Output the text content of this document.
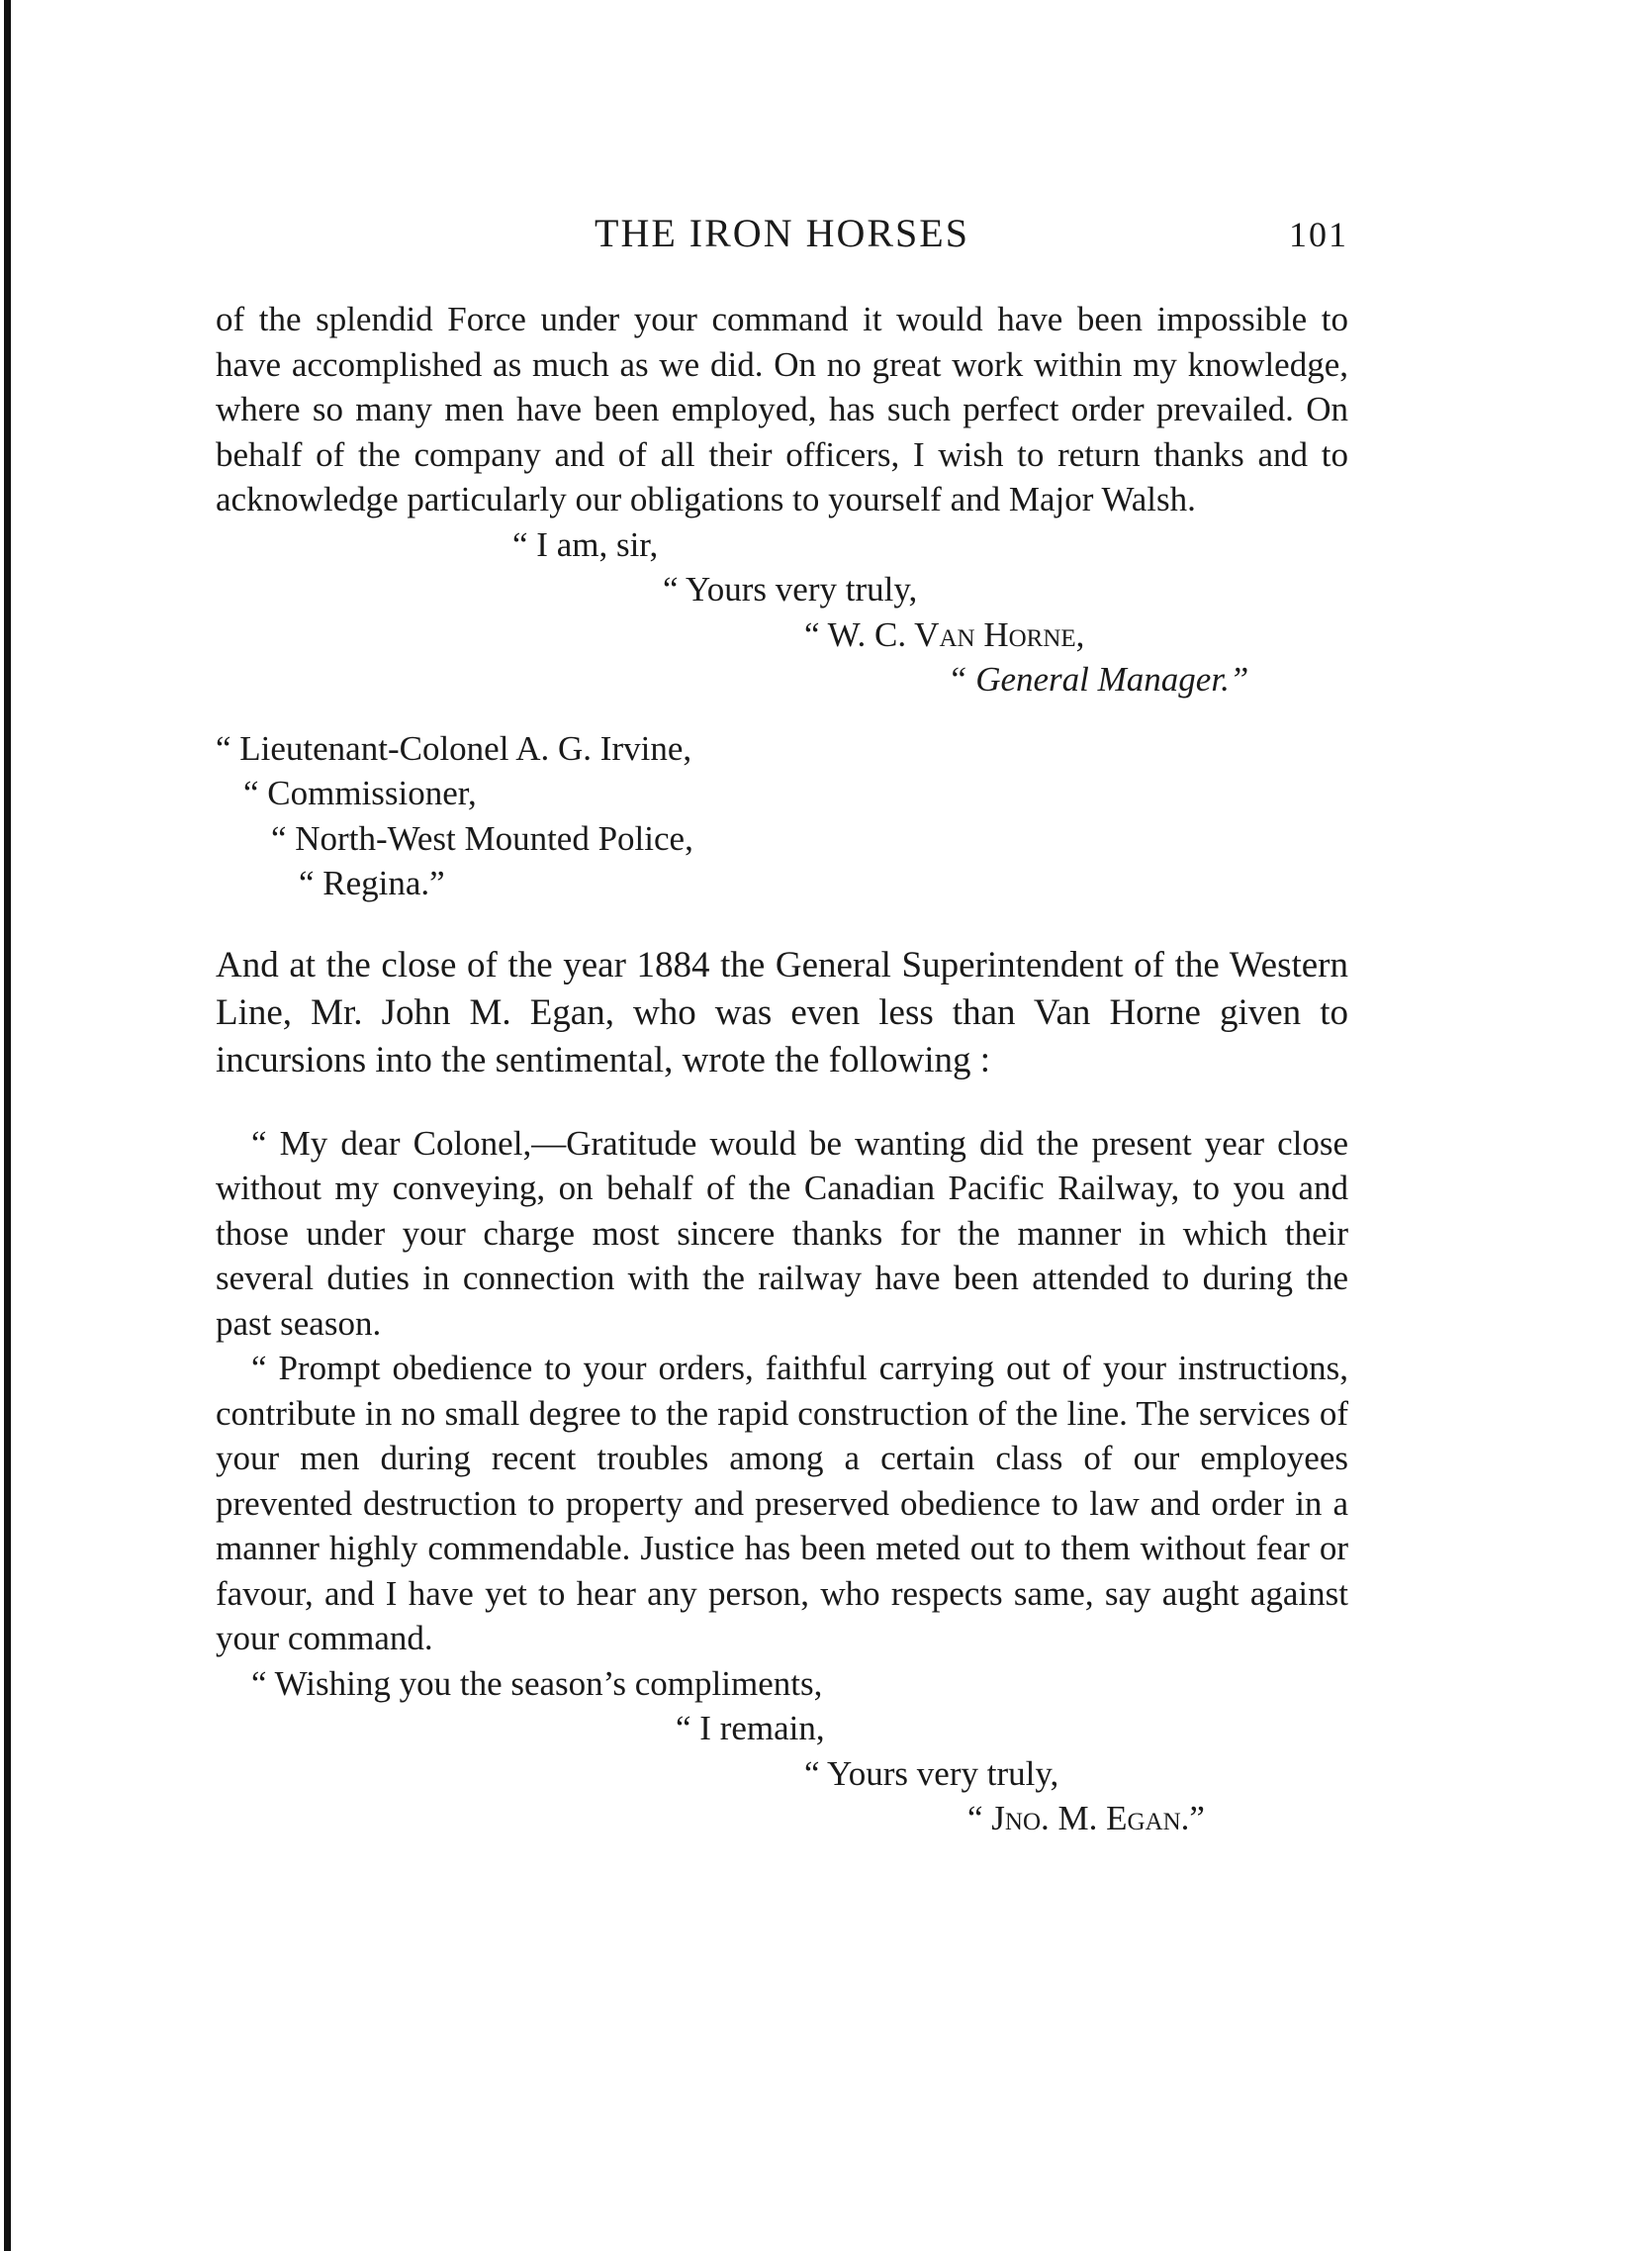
THE IRON HORSES	101

of the splendid Force under your command it would have been impossible to have accomplished as much as we did. On no great work within my knowledge, where so many men have been employed, has such perfect order prevailed. On behalf of the company and of all their officers, I wish to return thanks and to acknowledge particularly our obligations to yourself and Major Walsh.

“ I am, sir,
“ Yours very truly,
“ W. C. Van Horne,
“ General Manager.”
“ Lieutenant-Colonel A. G. Irvine,
“ Commissioner,
“ North-West Mounted Police,
“ Regina.”

And at the close of the year 1884 the General Superintendent of the Western Line, Mr. John M. Egan, who was even less than Van Horne given to incursions into the sentimental, wrote the following :

“ My dear Colonel,—Gratitude would be wanting did the present year close without my conveying, on behalf of the Canadian Pacific Railway, to you and those under your charge most sincere thanks for the manner in which their several duties in connection with the railway have been attended to during the past season.

“ Prompt obedience to your orders, faithful carrying out of your instructions, contribute in no small degree to the rapid construction of the line. The services of your men during recent troubles among a certain class of our employees prevented destruction to property and preserved obedience to law and order in a manner highly commendable. Justice has been meted out to them without fear or favour, and I have yet to hear any person, who respects same, say aught against your command.

“ Wishing you the season’s compliments,

“ I remain,
“ Yours very truly,
“ Jno. M. Egan.”
